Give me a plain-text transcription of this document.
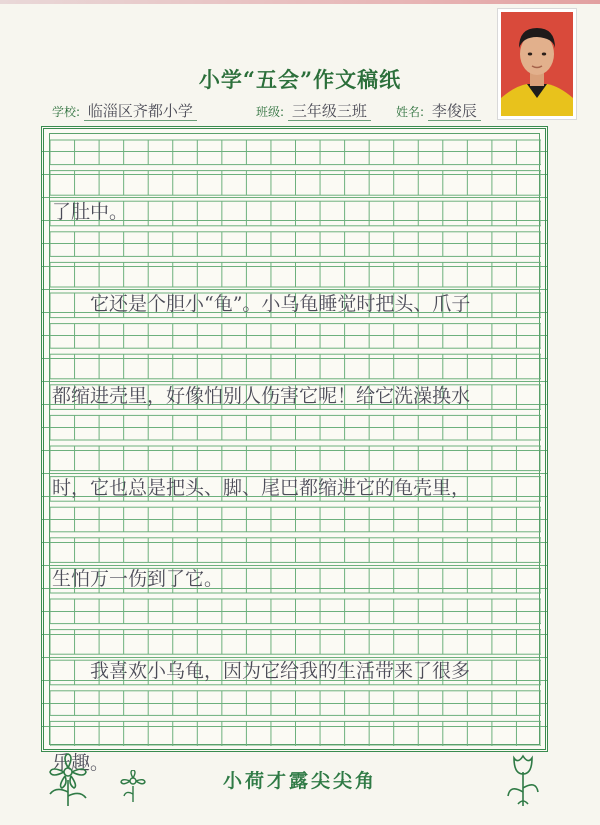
小学“五会”作文稿纸
学校: 临淄区齐都小学	班级: 三年级三班	姓名: 李俊辰

了肚中。

　　它还是个胆小“龟”。小乌龟睡觉时把头、爪子

都缩进壳里，好像怕别人伤害它呢！给它洗澡换水

时，它也总是把头、脚、尾巴都缩进它的龟壳里，

生怕万一伤到了它。

　　我喜欢小乌龟，因为它给我的生活带来了很多

乐趣。

小荷才露尖尖角
